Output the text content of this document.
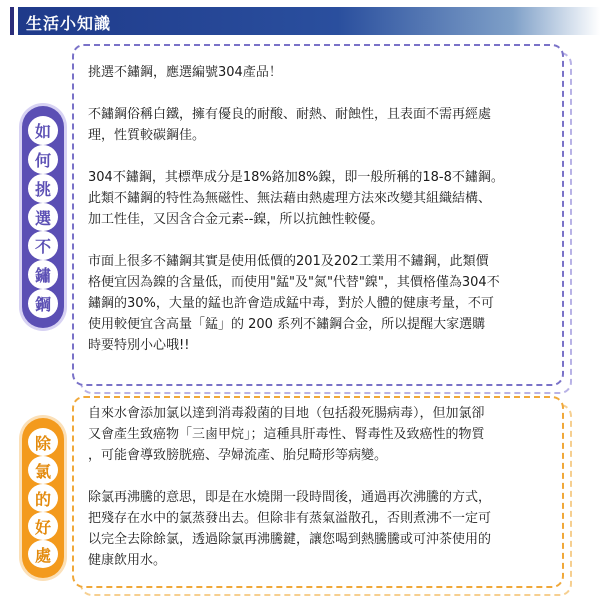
生活小知識

挑選不鏽鋼，應選編號304產品！

不鏽鋼俗稱白鐵，擁有優良的耐酸、耐熱、耐蝕性，且表面不需再經處
理，性質較碳鋼佳。

304不鏽鋼，其標準成分是18%鉻加8%鎳，即一般所稱的18-8不鏽鋼。
此類不鏽鋼的特性為無磁性、無法藉由熱處理方法來改變其組織結構、
加工性佳，又因含合金元素--鎳，所以抗蝕性較優。

市面上很多不鏽鋼其實是使用低價的201及202工業用不鏽鋼，此類價
格便宜因為鎳的含量低，而使用"錳"及"氮"代替"鎳"，其價格僅為304不
鏽鋼的30%，大量的錳也許會造成錳中毒，對於人體的健康考量，不可
使用較便宜含高量「錳」的 200 系列不鏽鋼合金，所以提醒大家選購
時要特別小心哦!!

如
何
挑
選
不
鏽
鋼

自來水會添加氯以達到消毒殺菌的目地（包括殺死腸病毒），但加氯卻
又會產生致癌物「三鹵甲烷」；這種具肝毒性、腎毒性及致癌性的物質
，可能會導致膀胱癌、孕婦流產、胎兒畸形等病變。

除氯再沸騰的意思，即是在水燒開一段時間後，通過再次沸騰的方式，
把殘存在水中的氯蒸發出去。但除非有蒸氣溢散孔，否則煮沸不一定可
以完全去除餘氯，透過除氯再沸騰鍵，讓您喝到熱騰騰或可沖茶使用的
健康飲用水。

除
氯
的
好
處
